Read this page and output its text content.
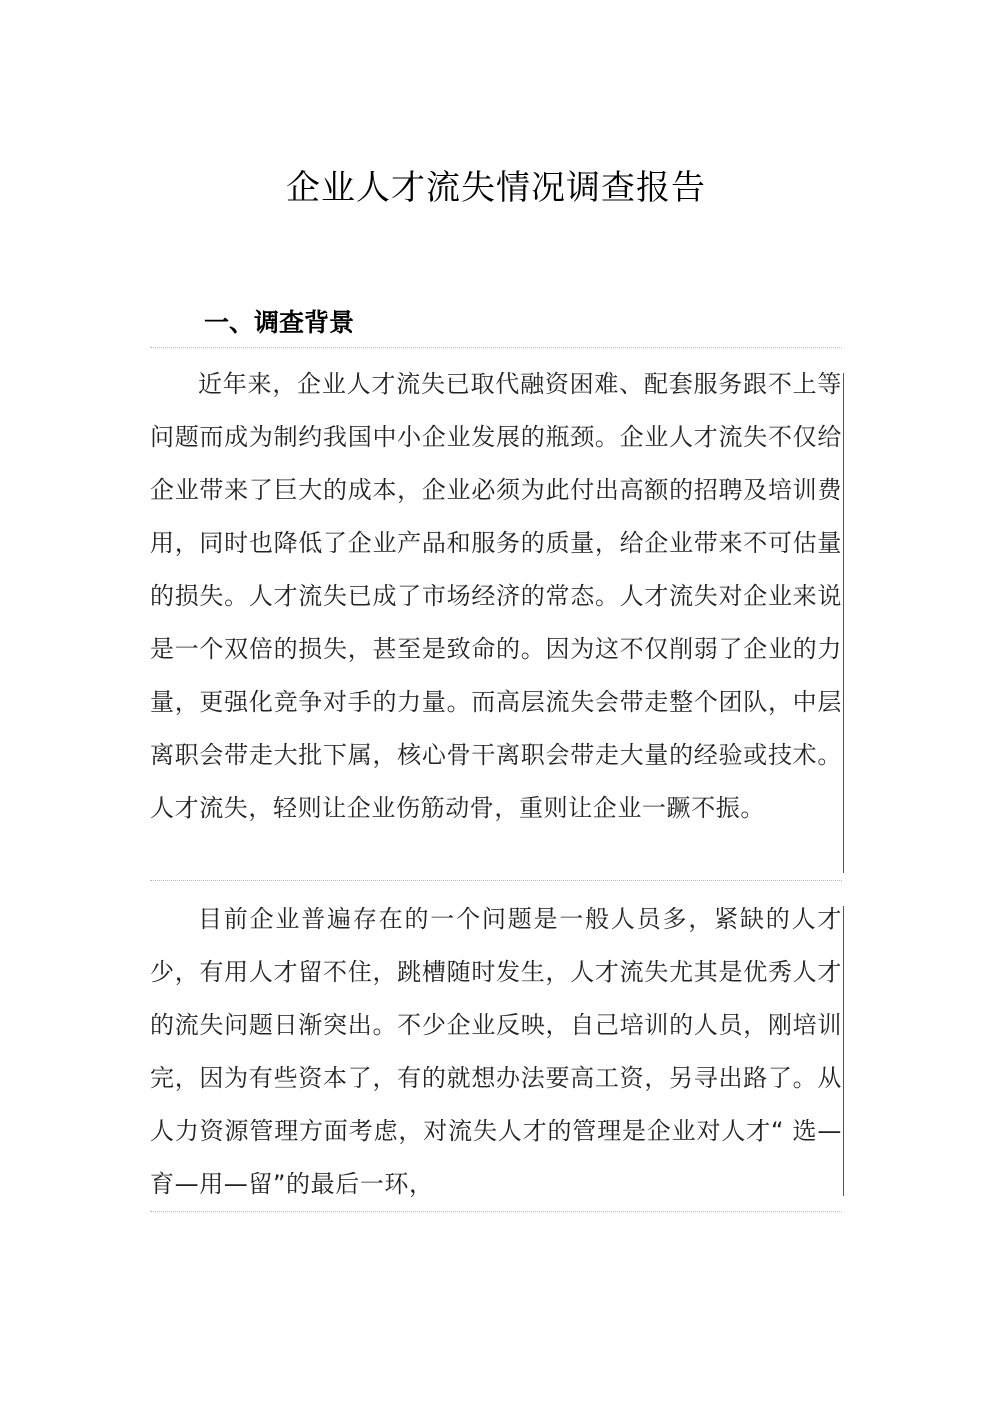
企业人才流失情况调查报告
一、调查背景

近年来，企业人才流失已取代融资困难、配套服务跟不上等问题而成为制约我国中小企业发展的瓶颈。企业人才流失不仅给企业带来了巨大的成本，企业必须为此付出高额的招聘及培训费用，同时也降低了企业产品和服务的质量，给企业带来不可估量的损失。人才流失已成了市场经济的常态。人才流失对企业来说是一个双倍的损失，甚至是致命的。因为这不仅削弱了企业的力量，更强化竞争对手的力量。而高层流失会带走整个团队，中层离职会带走大批下属，核心骨干离职会带走大量的经验或技术。人才流失，轻则让企业伤筋动骨，重则让企业一蹶不振。

目前企业普遍存在的一个问题是一般人员多，紧缺的人才少，有用人才留不住，跳槽随时发生，人才流失尤其是优秀人才的流失问题日渐突出。不少企业反映，自己培训的人员，刚培训完，因为有些资本了，有的就想办法要高工资，另寻出路了。从人力资源管理方面考虑，对流失人才的管理是企业对人才“ 选—育—用—留”的最后一环，
